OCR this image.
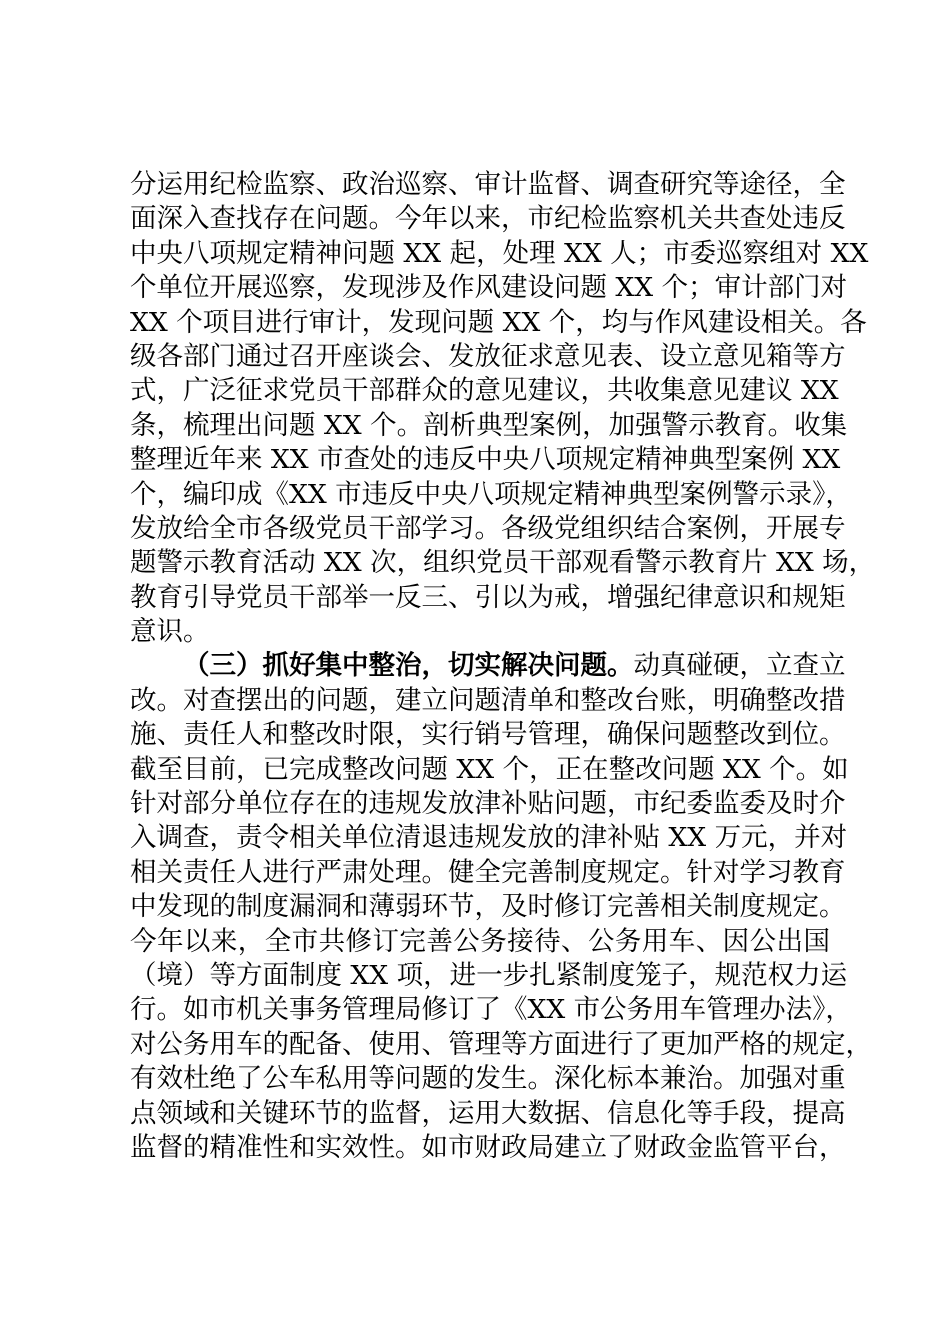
分运用纪检监察、政治巡察、审计监督、调查研究等途径，全
面深入查找存在问题。今年以来，市纪检监察机关共查处违反
中央八项规定精神问题 XX 起，处理 XX 人；市委巡察组对 XX
个单位开展巡察，发现涉及作风建设问题 XX 个；审计部门对
XX 个项目进行审计，发现问题 XX 个，均与作风建设相关。各
级各部门通过召开座谈会、发放征求意见表、设立意见箱等方
式，广泛征求党员干部群众的意见建议，共收集意见建议 XX
条，梳理出问题 XX 个。剖析典型案例，加强警示教育。收集
整理近年来 XX 市查处的违反中央八项规定精神典型案例 XX
个，编印成《XX 市违反中央八项规定精神典型案例警示录》，
发放给全市各级党员干部学习。各级党组织结合案例，开展专
题警示教育活动 XX 次，组织党员干部观看警示教育片 XX 场，
教育引导党员干部举一反三、引以为戒，增强纪律意识和规矩
意识。
（三）抓好集中整治，切实解决问题。动真碰硬，立查立
改。对查摆出的问题，建立问题清单和整改台账，明确整改措
施、责任人和整改时限，实行销号管理，确保问题整改到位。
截至目前，已完成整改问题 XX 个，正在整改问题 XX 个。如
针对部分单位存在的违规发放津补贴问题，市纪委监委及时介
入调查，责令相关单位清退违规发放的津补贴 XX 万元，并对
相关责任人进行严肃处理。健全完善制度规定。针对学习教育
中发现的制度漏洞和薄弱环节，及时修订完善相关制度规定。
今年以来，全市共修订完善公务接待、公务用车、因公出国
（境）等方面制度 XX 项，进一步扎紧制度笼子，规范权力运
行。如市机关事务管理局修订了《XX 市公务用车管理办法》，
对公务用车的配备、使用、管理等方面进行了更加严格的规定，
有效杜绝了公车私用等问题的发生。深化标本兼治。加强对重
点领域和关键环节的监督，运用大数据、信息化等手段，提高
监督的精准性和实效性。如市财政局建立了财政金监管平台，
